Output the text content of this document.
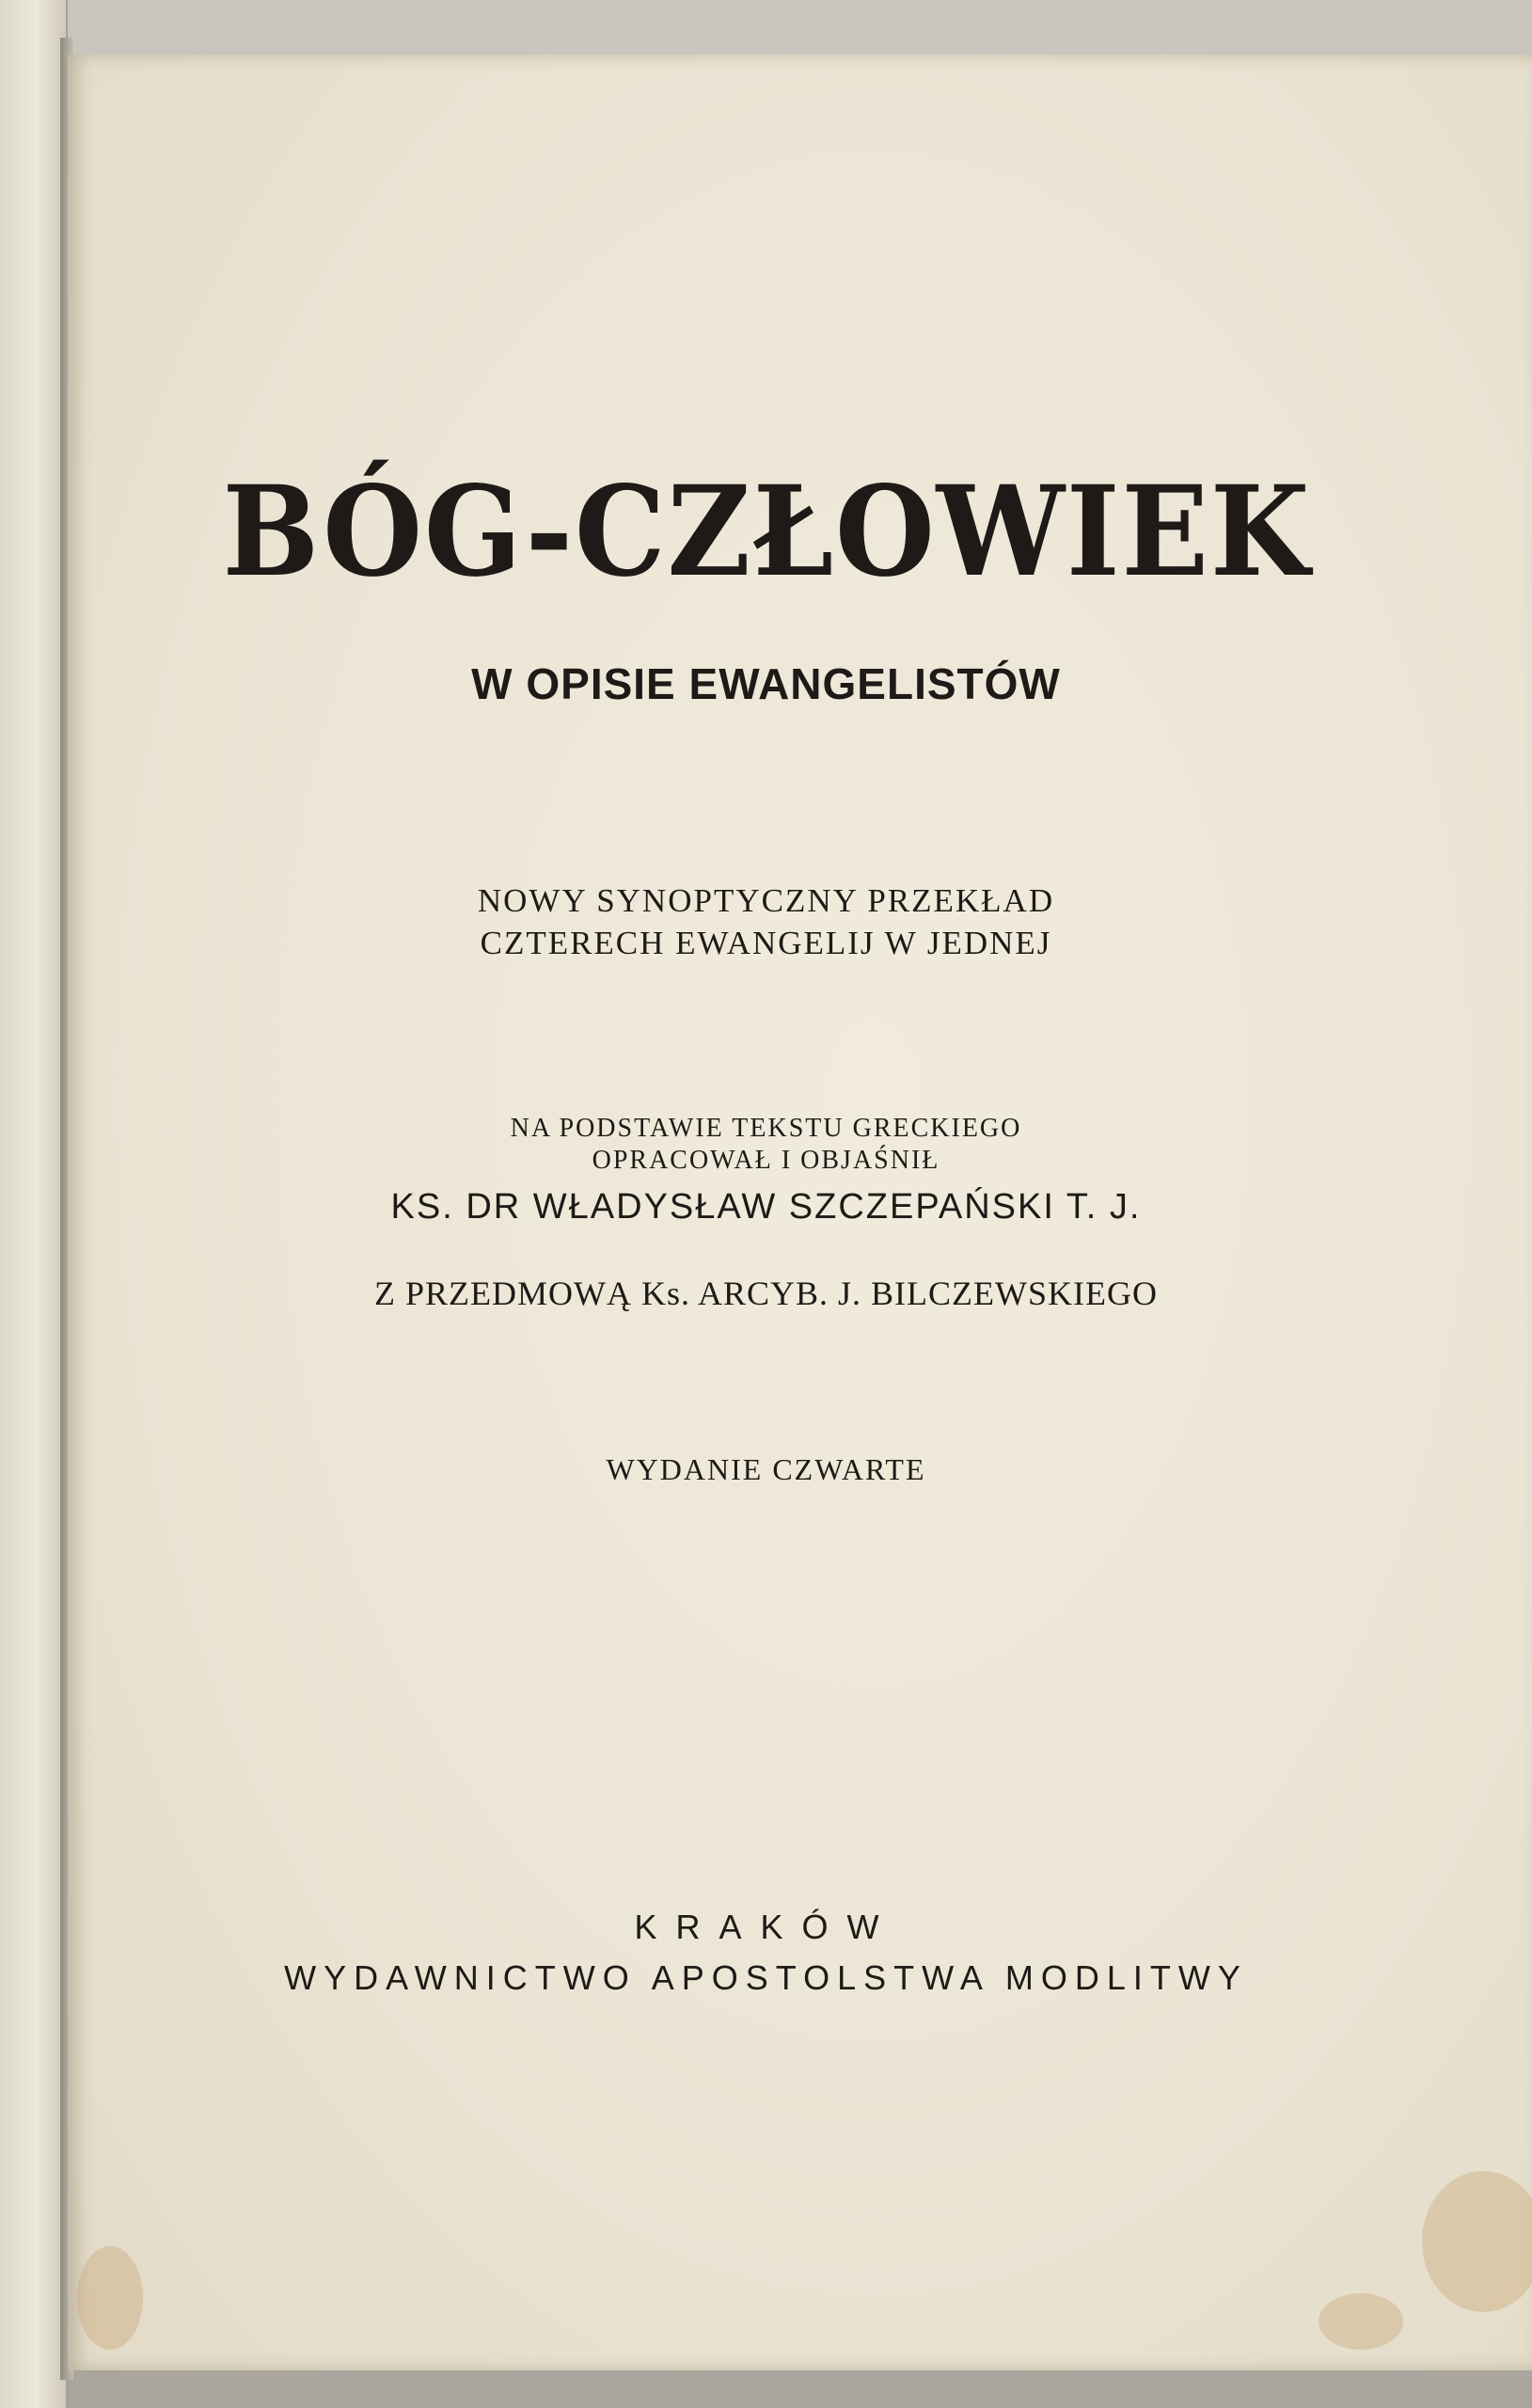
BÓG-CZŁOWIEK
W OPISIE EWANGELISTÓW
NOWY SYNOPTYCZNY PRZEKŁAD
CZTERECH EWANGELIJ W JEDNEJ
NA PODSTAWIE TEKSTU GRECKIEGO
OPRACOWAŁ I OBJAŚNIŁ
KS. DR WŁADYSŁAW SZCZEPAŃSKI T. J.
Z PRZEDMOWĄ Ks. ARCYB. J. BILCZEWSKIEGO
WYDANIE CZWARTE
KRAKÓW
WYDAWNICTWO APOSTOLSTWA MODLITWY
